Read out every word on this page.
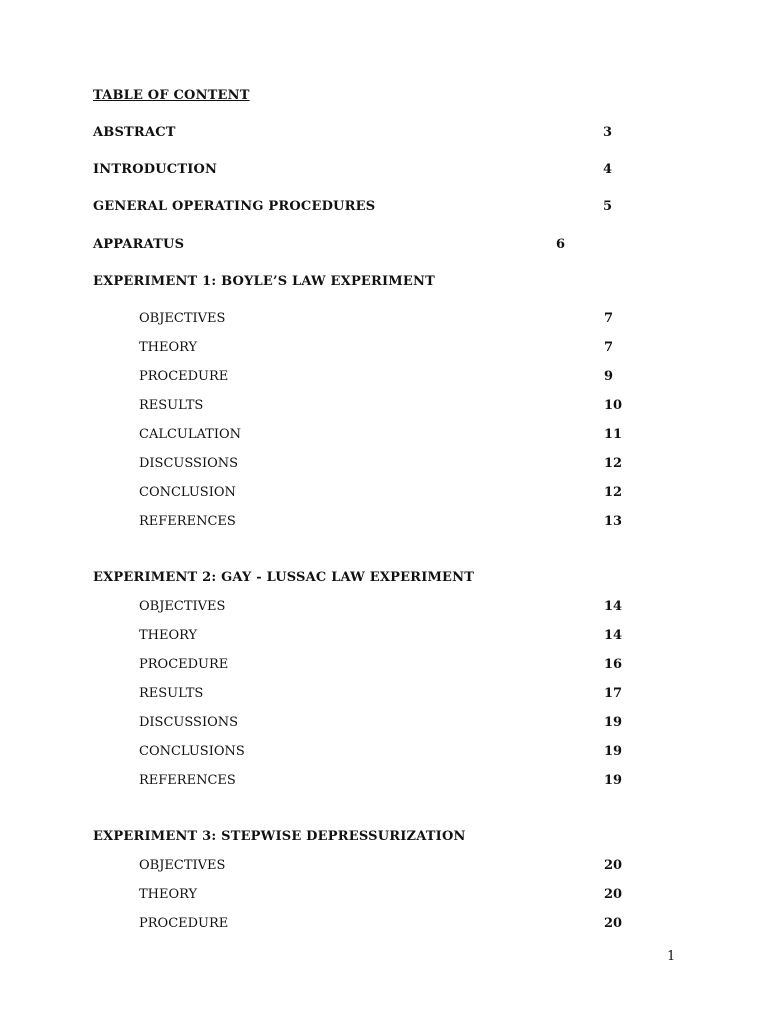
TABLE OF CONTENT
ABSTRACT	3
INTRODUCTION	4
GENERAL OPERATING PROCEDURES	5
APPARATUS	6
EXPERIMENT 1: BOYLE’S LAW EXPERIMENT
OBJECTIVES	7
THEORY	7
PROCEDURE	9
RESULTS	10
CALCULATION	11
DISCUSSIONS	12
CONCLUSION	12
REFERENCES	13
EXPERIMENT 2: GAY - LUSSAC LAW EXPERIMENT
OBJECTIVES	14
THEORY	14
PROCEDURE	16
RESULTS	17
DISCUSSIONS	19
CONCLUSIONS	19
REFERENCES	19
EXPERIMENT 3: STEPWISE DEPRESSURIZATION
OBJECTIVES	20
THEORY	20
PROCEDURE	20
1
